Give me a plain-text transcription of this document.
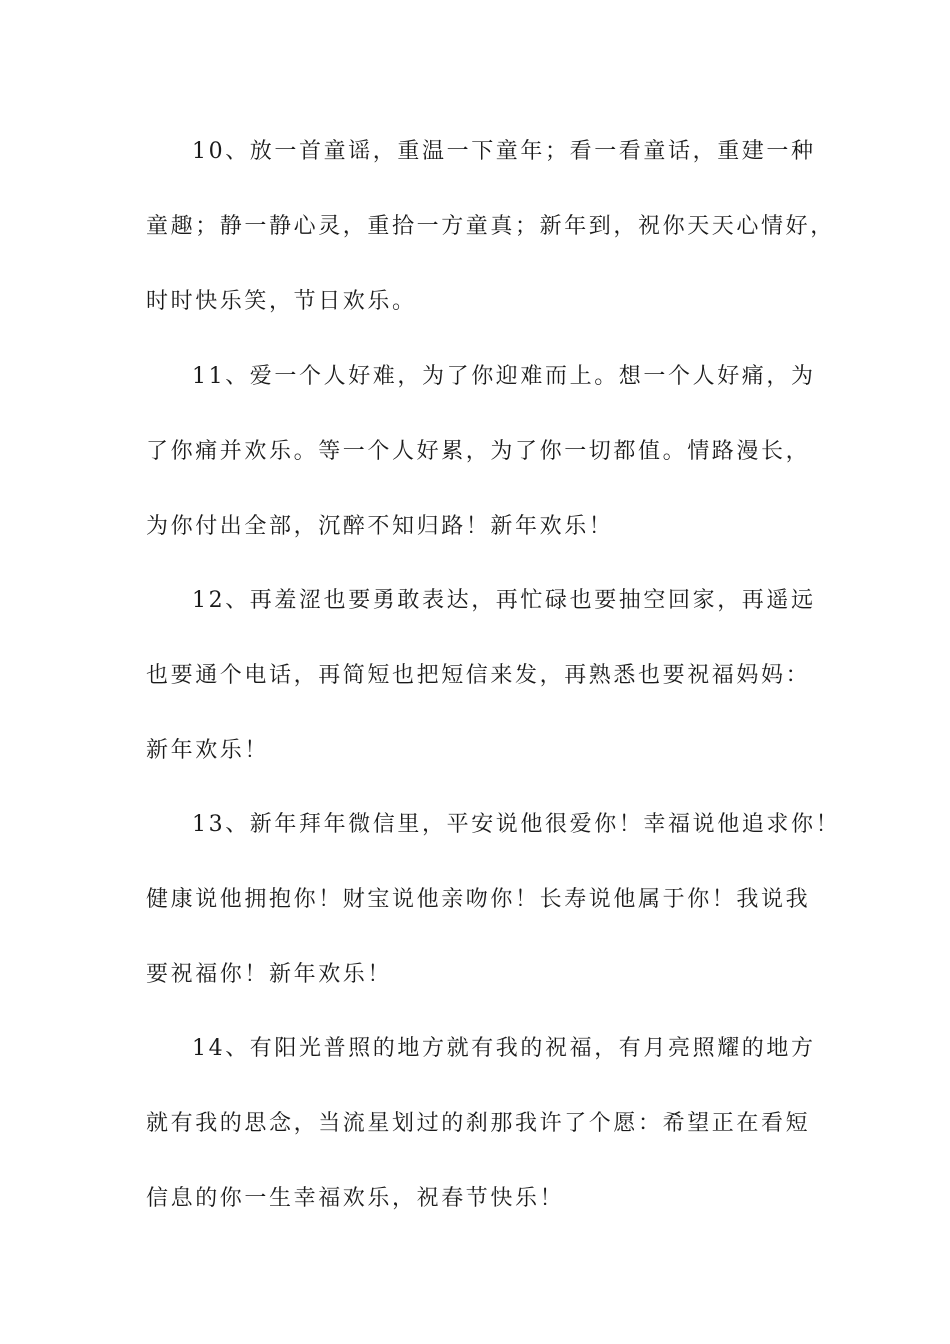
10、放一首童谣，重温一下童年；看一看童话，重建一种
童趣；静一静心灵，重拾一方童真；新年到，祝你天天心情好，
时时快乐笑，节日欢乐。
11、爱一个人好难，为了你迎难而上。想一个人好痛，为
了你痛并欢乐。等一个人好累，为了你一切都值。情路漫长，
为你付出全部，沉醉不知归路！新年欢乐！
12、再羞涩也要勇敢表达，再忙碌也要抽空回家，再遥远
也要通个电话，再简短也把短信来发，再熟悉也要祝福妈妈：
新年欢乐！
13、新年拜年微信里，平安说他很爱你！幸福说他追求你！
健康说他拥抱你！财宝说他亲吻你！长寿说他属于你！我说我
要祝福你！新年欢乐！
14、有阳光普照的地方就有我的祝福，有月亮照耀的地方
就有我的思念，当流星划过的刹那我许了个愿：希望正在看短
信息的你一生幸福欢乐，祝春节快乐！
